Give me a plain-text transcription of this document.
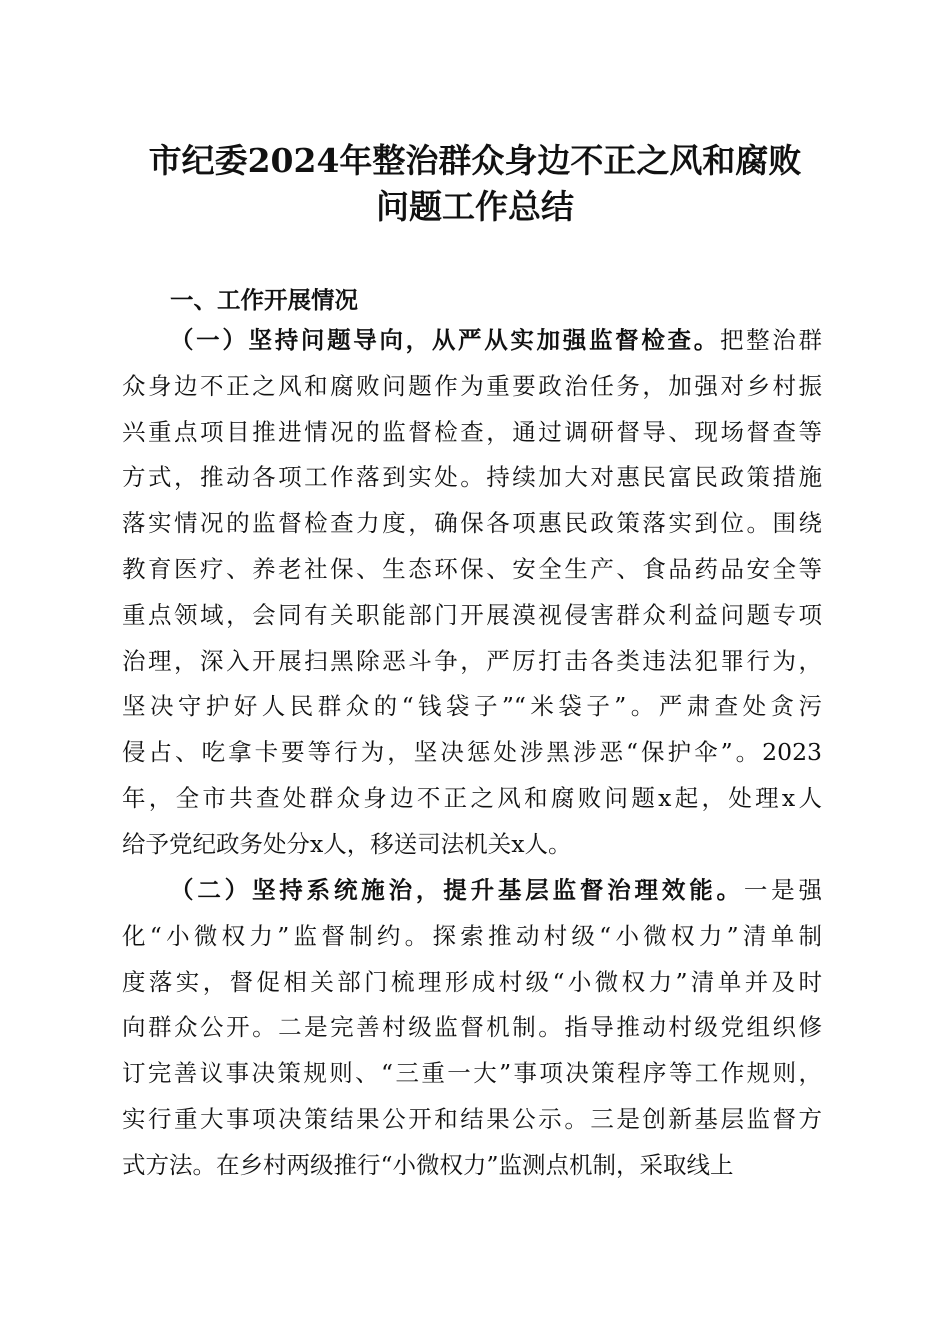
市纪委2024年整治群众身边不正之风和腐败
问题工作总结
一、工作开展情况
（一）坚持问题导向，从严从实加强监督检查。把整治群
众身边不正之风和腐败问题作为重要政治任务，加强对乡村振
兴重点项目推进情况的监督检查，通过调研督导、现场督查等
方式，推动各项工作落到实处。持续加大对惠民富民政策措施
落实情况的监督检查力度，确保各项惠民政策落实到位。围绕
教育医疗、养老社保、生态环保、安全生产、食品药品安全等
重点领域，会同有关职能部门开展漠视侵害群众利益问题专项
治理，深入开展扫黑除恶斗争，严厉打击各类违法犯罪行为，
坚决守护好人民群众的“钱袋子”“米袋子”。严肃查处贪污
侵占、吃拿卡要等行为，坚决惩处涉黑涉恶“保护伞”。2023
年，全市共查处群众身边不正之风和腐败问题x起，处理x人
给予党纪政务处分x人，移送司法机关x人。
（二）坚持系统施治，提升基层监督治理效能。一是强
化“小微权力”监督制约。探索推动村级“小微权力”清单制
度落实，督促相关部门梳理形成村级“小微权力”清单并及时
向群众公开。二是完善村级监督机制。指导推动村级党组织修
订完善议事决策规则、“三重一大”事项决策程序等工作规则，
实行重大事项决策结果公开和结果公示。三是创新基层监督方
式方法。在乡村两级推行“小微权力”监测点机制，采取线上
